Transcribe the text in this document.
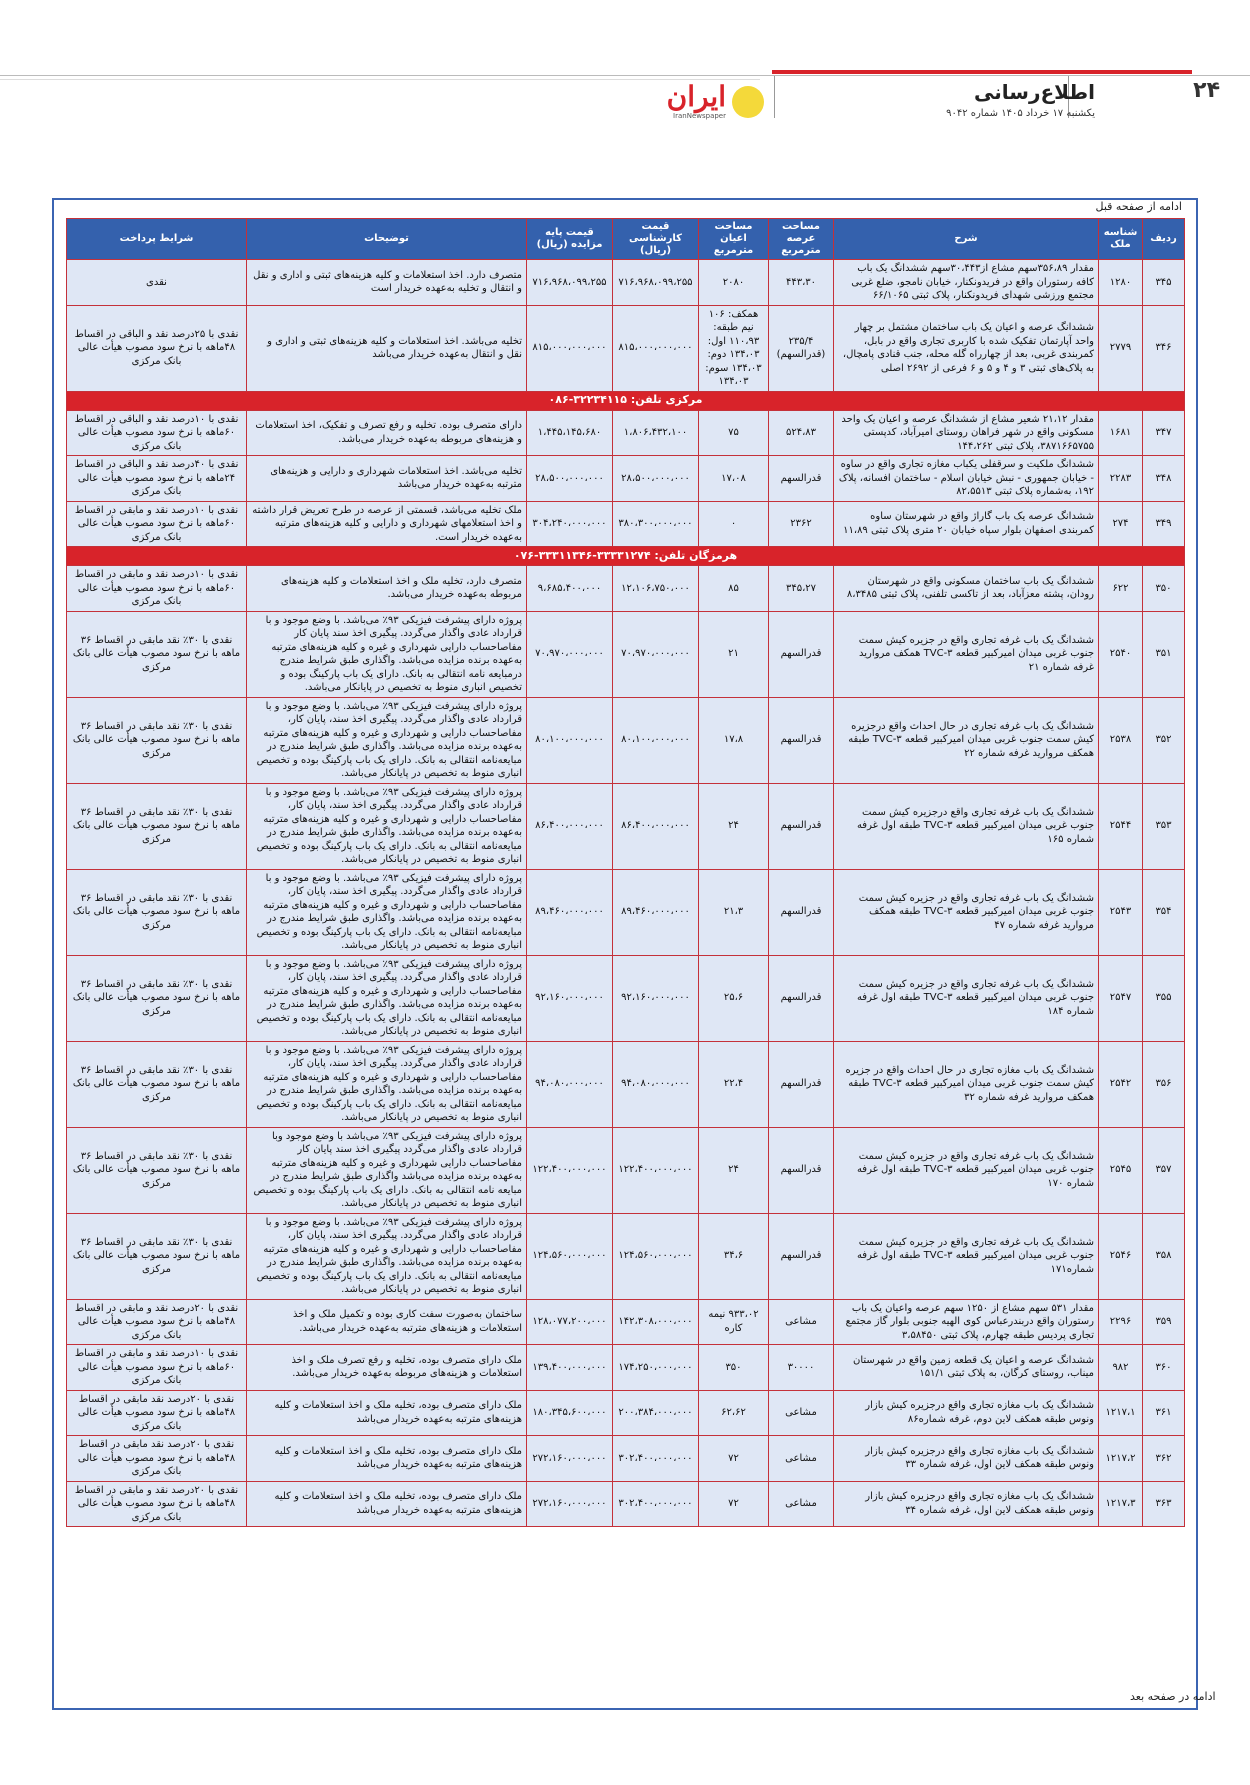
۲۴
اطلاع‌رسانی
یکشنبه ۱۷ خرداد ۱۴۰۵ شماره ۹۰۴۲
ایران
IranNewspaper
ادامه از صفحه قبل
ادامه در صفحه بعد
ردیف	شناسه ملک	شرح	مساحت عرصه مترمربع	مساحت اعیان مترمربع	قیمت کارشناسی (ریال)	قیمت پایه مزایده (ریال)	توضیحات	شرایط پرداخت
۳۴۵	۱۲۸۰	مقدار ۳۵۶،۸۹سهم مشاع از۳۰،۴۴۳سهم ششدانگ یک باب کافه رستوران واقع در فریدونکنار، خیابان نامجو، ضلع غربی مجتمع ورزشی شهدای فریدونکنار، پلاک ثبتی ۶۶/۱۰۶۵	۴۴۳،۳۰	۲۰۸۰	۷۱۶،۹۶۸،۰۹۹،۲۵۵	۷۱۶،۹۶۸،۰۹۹،۲۵۵	متصرف دارد. اخذ استعلامات و کلیه هزینه‌های ثبتی و اداری و نقل و انتقال و تخلیه به‌عهده خریدار است	نقدی
۳۴۶	۲۷۷۹	ششدانگ عرصه و اعیان یک باب ساختمان مشتمل بر چهار واحد آپارتمان تفکیک شده با کاربری تجاری واقع در بابل، کمربندی غربی، بعد از چهارراه گله محله، جنب قنادی پامچال، به پلاک‌های ثبتی ۳ و ۴ و ۵ و ۶ فرعی از ۲۶۹۲ اصلی	۲۳۵/۴ (قدرالسهم)	همکف: ۱۰۶ نیم طبقه: ۱۱۰،۹۳ اول: ۱۳۴،۰۳ دوم: ۱۳۴،۰۳ سوم: ۱۳۴،۰۳	۸۱۵،۰۰۰،۰۰۰،۰۰۰	۸۱۵،۰۰۰،۰۰۰،۰۰۰	تخلیه می‌باشد. اخذ استعلامات و کلیه هزینه‌های ثبتی و اداری و نقل و انتقال به‌عهده خریدار می‌باشد	نقدی با ۲۵درصد نقد و الباقی در اقساط ۴۸ماهه با نرخ سود مصوب هیأت عالی بانک مرکزی
مرکزی تلفن: ۳۲۲۳۴۱۱۵-۰۸۶								
۳۴۷	۱۶۸۱	مقدار ۲۱،۱۲ شعیر مشاع از ششدانگ عرصه و اعیان یک واحد مسکونی واقع در شهر فراهان روستای امیرآباد، کدپستی ۳۸۷۱۶۶۵۷۵۵، پلاک ثبتی ۱۴۴،۲۶۲	۵۲۴،۸۳	۷۵	۱،۸۰۶،۴۳۲،۱۰۰	۱،۴۴۵،۱۴۵،۶۸۰	دارای متصرف بوده. تخلیه و رفع تصرف و تفکیک، اخذ استعلامات و هزینه‌های مربوطه به‌عهده خریدار می‌باشد.	نقدی با ۱۰درصد نقد و الباقی در اقساط ۶۰ماهه با نرخ سود مصوب هیأت عالی بانک مرکزی
۳۴۸	۲۲۸۳	ششدانگ ملکیت و سرقفلی یکباب مغازه تجاری واقع در ساوه - خیابان جمهوری - نبش خیابان اسلام - ساختمان افسانه، پلاک ۱۹۲، به‌شماره پلاک ثبتی ۸۲،۵۵۱۳	قدرالسهم	۱۷،۰۸	۲۸،۵۰۰،۰۰۰،۰۰۰	۲۸،۵۰۰،۰۰۰،۰۰۰	تخلیه می‌باشد. اخذ استعلامات شهرداری و دارایی و هزینه‌های مترتبه به‌عهده خریدار می‌باشد	نقدی با ۴۰درصد نقد و الباقی در اقساط ۲۴ماهه با نرخ سود مصوب هیأت عالی بانک مرکزی
۳۴۹	۲۷۴	ششدانگ عرصه یک باب گاراژ واقع در شهرستان ساوه کمربندی اصفهان بلوار سپاه خیابان ۲۰ متری پلاک ثبتی ۱۱،۸۹	۲۳۶۲	۰	۳۸۰،۳۰۰،۰۰۰،۰۰۰	۳۰۴،۲۴۰،۰۰۰،۰۰۰	ملک تخلیه می‌باشد، قسمتی از عرصه در طرح تعریض قرار داشته و اخذ استعلامهای شهرداری و دارایی و کلیه هزینه‌های مترتبه به‌عهده خریدار است.	نقدی با ۱۰درصد نقد و مابقی در اقساط ۶۰ماهه با نرخ سود مصوب هیأت عالی بانک مرکزی
هرمزگان تلفن: ۳۳۳۳۱۲۷۴-۳۳۳۱۱۳۴۶-۰۷۶								
۳۵۰	۶۲۲	ششدانگ یک باب ساختمان مسکونی واقع در شهرستان رودان، پشته معزآباد، بعد از تاکسی تلفنی، پلاک ثبتی ۸،۳۴۸۵	۳۴۵،۲۷	۸۵	۱۲،۱۰۶،۷۵۰،۰۰۰	۹،۶۸۵،۴۰۰،۰۰۰	متصرف دارد، تخلیه ملک و اخذ استعلامات و کلیه هزینه‌های مربوطه به‌عهده خریدار می‌باشد.	نقدی با ۱۰درصد نقد و مابقی در اقساط ۶۰ماهه با نرخ سود مصوب هیأت عالی بانک مرکزی
۳۵۱	۲۵۴۰	ششدانگ یک باب غرفه تجاری واقع در جزیره کیش سمت جنوب غربی میدان امیرکبیر قطعه TVC-۳ همکف مروارید غرفه شماره ۲۱	قدرالسهم	۲۱	۷۰،۹۷۰،۰۰۰،۰۰۰	۷۰،۹۷۰،۰۰۰،۰۰۰	پروژه دارای پیشرفت فیزیکی ۹۳٪ می‌باشد. با وضع موجود و با قرارداد عادی واگذار می‌گردد. پیگیری اخذ سند پایان کار مفاصاحساب دارایی شهرداری و غیره و کلیه هزینه‌های مترتبه به‌عهده برنده مزایده می‌باشد. واگذاری طبق شرایط مندرج درمبایعه نامه انتقالی به بانک. دارای یک باب پارکینگ بوده و تخصیص انباری منوط به تخصیص در پایانکار می‌باشد.	نقدی با ۳۰٪ نقد مابقی در اقساط ۳۶ ماهه با نرخ سود مصوب هیأت عالی بانک مرکزی
۳۵۲	۲۵۳۸	ششدانگ یک باب غرفه تجاری در حال احداث واقع درجزیره کیش سمت جنوب غربی میدان امیرکبیر قطعه TVC-۳ طبقه همکف مروارید غرفه شماره ۲۲	قدرالسهم	۱۷،۸	۸۰،۱۰۰،۰۰۰،۰۰۰	۸۰،۱۰۰،۰۰۰،۰۰۰	پروژه دارای پیشرفت فیزیکی ۹۳٪ می‌باشد. با وضع موجود و با قرارداد عادی واگذار می‌گردد. پیگیری اخذ سند، پایان کار، مفاصاحساب دارایی و شهرداری و غیره و کلیه هزینه‌های مترتبه به‌عهده برنده مزایده می‌باشد. واگذاری طبق شرایط مندرج در مبایعه‌نامه انتقالی به بانک. دارای یک باب پارکینگ بوده و تخصیص انباری منوط به تخصیص در پایانکار می‌باشد.	نقدی با ۳۰٪ نقد مابقی در اقساط ۳۶ ماهه با نرخ سود مصوب هیأت عالی بانک مرکزی
۳۵۳	۲۵۴۴	ششدانگ یک باب غرفه تجاری واقع درجزیره کیش سمت جنوب غربی میدان امیرکبیر قطعه TVC-۳ طبقه اول غرفه شماره ۱۶۵	قدرالسهم	۲۴	۸۶،۴۰۰،۰۰۰،۰۰۰	۸۶،۴۰۰،۰۰۰،۰۰۰	پروژه دارای پیشرفت فیزیکی ۹۳٪ می‌باشد. با وضع موجود و با قرارداد عادی واگذار می‌گردد. پیگیری اخذ سند، پایان کار، مفاصاحساب دارایی و شهرداری و غیره و کلیه هزینه‌های مترتبه به‌عهده برنده مزایده می‌باشد. واگذاری طبق شرایط مندرج در مبایعه‌نامه انتقالی به بانک. دارای یک باب پارکینگ بوده و تخصیص انباری منوط به تخصیص در پایانکار می‌باشد.	نقدی با ۳۰٪ نقد مابقی در اقساط ۳۶ ماهه با نرخ سود مصوب هیأت عالی بانک مرکزی
۳۵۴	۲۵۴۳	ششدانگ یک باب غرفه تجاری واقع در جزیره کیش سمت جنوب غربی میدان امیرکبیر قطعه TVC-۳ طبقه همکف مروارید غرفه شماره ۴۷	قدرالسهم	۲۱،۳	۸۹،۴۶۰،۰۰۰،۰۰۰	۸۹،۴۶۰،۰۰۰،۰۰۰	پروژه دارای پیشرفت فیزیکی ۹۳٪ می‌باشد. با وضع موجود و با قرارداد عادی واگذار می‌گردد. پیگیری اخذ سند، پایان کار، مفاصاحساب دارایی و شهرداری و غیره و کلیه هزینه‌های مترتبه به‌عهده برنده مزایده می‌باشد. واگذاری طبق شرایط مندرج در مبایعه‌نامه انتقالی به بانک. دارای یک باب پارکینگ بوده و تخصیص انباری منوط به تخصیص در پایانکار می‌باشد.	نقدی با ۳۰٪ نقد مابقی در اقساط ۳۶ ماهه با نرخ سود مصوب هیأت عالی بانک مرکزی
۳۵۵	۲۵۴۷	ششدانگ یک باب غرفه تجاری واقع در جزیره کیش سمت جنوب غربی میدان امیرکبیر قطعه TVC-۳ طبقه اول غرفه شماره ۱۸۴	قدرالسهم	۲۵،۶	۹۲،۱۶۰،۰۰۰،۰۰۰	۹۲،۱۶۰،۰۰۰،۰۰۰	پروژه دارای پیشرفت فیزیکی ۹۳٪ می‌باشد. با وضع موجود و با قرارداد عادی واگذار می‌گردد. پیگیری اخذ سند، پایان کار، مفاصاحساب دارایی و شهرداری و غیره و کلیه هزینه‌های مترتبه به‌عهده برنده مزایده می‌باشد. واگذاری طبق شرایط مندرج در مبایعه‌نامه انتقالی به بانک. دارای یک باب پارکینگ بوده و تخصیص انباری منوط به تخصیص در پایانکار می‌باشد.	نقدی با ۳۰٪ نقد مابقی در اقساط ۳۶ ماهه با نرخ سود مصوب هیأت عالی بانک مرکزی
۳۵۶	۲۵۴۲	ششدانگ یک باب مغازه تجاری در حال احداث واقع در جزیره کیش سمت جنوب غربی میدان امیرکبیر قطعه TVC-۳ طبقه همکف مروارید غرفه شماره ۳۲	قدرالسهم	۲۲،۴	۹۴،۰۸۰،۰۰۰،۰۰۰	۹۴،۰۸۰،۰۰۰،۰۰۰	پروژه دارای پیشرفت فیزیکی ۹۳٪ می‌باشد. با وضع موجود و با قرارداد عادی واگذار می‌گردد. پیگیری اخذ سند، پایان کار، مفاصاحساب دارایی و شهرداری و غیره و کلیه هزینه‌های مترتبه به‌عهده برنده مزایده می‌باشد. واگذاری طبق شرایط مندرج در مبایعه‌نامه انتقالی به بانک. دارای یک باب پارکینگ بوده و تخصیص انباری منوط به تخصیص در پایانکار می‌باشد.	نقدی با ۳۰٪ نقد مابقی در اقساط ۳۶ ماهه با نرخ سود مصوب هیأت عالی بانک مرکزی
۳۵۷	۲۵۴۵	ششدانگ یک باب غرفه تجاری واقع در جزیره کیش سمت جنوب غربی میدان امیرکبیر قطعه TVC-۳ طبقه اول غرفه شماره ۱۷۰	قدرالسهم	۲۴	۱۲۲،۴۰۰،۰۰۰،۰۰۰	۱۲۲،۴۰۰،۰۰۰،۰۰۰	پروژه دارای پیشرفت فیزیکی ۹۳٪ می‌باشد با وضع موجود وبا قرارداد عادی واگذار می‌گردد پیگیری اخذ سند پایان کار مفاصاحساب دارایی شهرداری و غیره و کلیه هزینه‌های مترتبه به‌عهده برنده مزایده می‌باشد واگذاری طبق شرایط مندرج در مبایعه نامه انتقالی به بانک. دارای یک باب پارکینگ بوده و تخصیص انباری منوط به تخصیص در پایانکار می‌باشد.	نقدی با ۳۰٪ نقد مابقی در اقساط ۳۶ ماهه با نرخ سود مصوب هیأت عالی بانک مرکزی
۳۵۸	۲۵۴۶	ششدانگ یک باب غرفه تجاری واقع در جزیره کیش سمت جنوب غربی میدان امیرکبیر قطعه TVC-۳ طبقه اول غرفه شماره۱۷۱	قدرالسهم	۳۴،۶	۱۲۴،۵۶۰،۰۰۰،۰۰۰	۱۲۴،۵۶۰،۰۰۰،۰۰۰	پروژه دارای پیشرفت فیزیکی ۹۳٪ می‌باشد. با وضع موجود و با قرارداد عادی واگذار می‌گردد. پیگیری اخذ سند، پایان کار، مفاصاحساب دارایی و شهرداری و غیره و کلیه هزینه‌های مترتبه به‌عهده برنده مزایده می‌باشد. واگذاری طبق شرایط مندرج در مبایعه‌نامه انتقالی به بانک. دارای یک باب پارکینگ بوده و تخصیص انباری منوط به تخصیص در پایانکار می‌باشد.	نقدی با ۳۰٪ نقد مابقی در اقساط ۳۶ ماهه با نرخ سود مصوب هیأت عالی بانک مرکزی
۳۵۹	۲۲۹۶	مقدار ۵۳۱ سهم مشاع از ۱۲۵۰ سهم عرصه واعیان یک باب رستوران واقع دربندرعباس کوی الهیه جنوبی بلوار گاز مجتمع تجاری پردیس طبقه چهارم، پلاک ثبتی ۳،۵۸۴۵۰	مشاعی	۹۳۳،۰۲ نیمه کاره	۱۴۲،۳۰۸،۰۰۰،۰۰۰	۱۲۸،۰۷۷،۲۰۰،۰۰۰	ساختمان به‌صورت سفت کاری بوده و تکمیل ملک و اخذ استعلامات و هزینه‌های مترتبه به‌عهده خریدار می‌باشد.	نقدی با ۲۰درصد نقد و مابقی در اقساط ۴۸ماهه با نرخ سود مصوب هیأت عالی بانک مرکزی
۳۶۰	۹۸۲	ششدانگ عرصه و اعیان یک قطعه زمین واقع در شهرستان میناب، روستای کرگان، به پلاک ثبتی ۱۵۱/۱	۳۰۰۰۰	۳۵۰	۱۷۴،۲۵۰،۰۰۰،۰۰۰	۱۳۹،۴۰۰،۰۰۰،۰۰۰	ملک دارای متصرف بوده، تخلیه و رفع تصرف ملک و اخذ استعلامات و هزینه‌های مربوطه به‌عهده خریدار می‌باشد.	نقدی با ۱۰درصد نقد و مابقی در اقساط ۶۰ماهه با نرخ سود مصوب هیأت عالی بانک مرکزی
۳۶۱	۱۲۱۷،۱	ششدانگ یک باب مغازه تجاری واقع درجزیره کیش بازار ونوس طبقه همکف لاین دوم، غرفه شماره۸۶	مشاعی	۶۲،۶۲	۲۰۰،۳۸۴،۰۰۰،۰۰۰	۱۸۰،۳۴۵،۶۰۰،۰۰۰	ملک دارای متصرف بوده، تخلیه ملک و اخذ استعلامات و کلیه هزینه‌های مترتبه به‌عهده خریدار می‌باشد	نقدی با ۲۰درصد نقد مابقی در اقساط ۴۸ماهه با نرخ سود مصوب هیأت عالی بانک مرکزی
۳۶۲	۱۲۱۷،۲	ششدانگ یک باب مغازه تجاری واقع درجزیره کیش بازار ونوس طبقه همکف لاین اول، غرفه شماره ۳۳	مشاعی	۷۲	۳۰۲،۴۰۰،۰۰۰،۰۰۰	۲۷۲،۱۶۰،۰۰۰،۰۰۰	ملک دارای متصرف بوده، تخلیه ملک و اخذ استعلامات و کلیه هزینه‌های مترتبه به‌عهده خریدار می‌باشد	نقدی با ۲۰درصد نقد مابقی در اقساط ۴۸ماهه با نرخ سود مصوب هیأت عالی بانک مرکزی
۳۶۳	۱۲۱۷،۳	ششدانگ یک باب مغازه تجاری واقع درجزیره کیش بازار ونوس طبقه همکف لاین اول، غرفه شماره ۳۴	مشاعی	۷۲	۳۰۲،۴۰۰،۰۰۰،۰۰۰	۲۷۲،۱۶۰،۰۰۰،۰۰۰	ملک دارای متصرف بوده، تخلیه ملک و اخذ استعلامات و کلیه هزینه‌های مترتبه به‌عهده خریدار می‌باشد	نقدی با ۲۰درصد نقد و مابقی در اقساط ۴۸ماهه با نرخ سود مصوب هیأت عالی بانک مرکزی
